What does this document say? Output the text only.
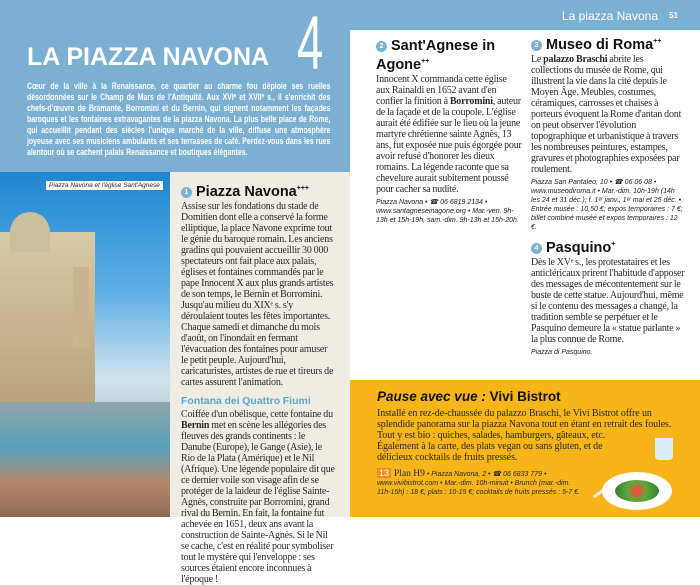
LA PIAZZA NAVONA 4

Cœur de la ville à la Renaissance, ce quartier au charme fou déploie ses ruelles désordonnées sur le Champ de Mars de l'Antiquité. Aux XVIᵉ et XVIIᵉ s., il s'enrichit des chefs-d'œuvre de Bramante, Borromini et du Bernin, qui signent notamment les façades baroques et les fontaines extravagantes de la piazza Navona. La plus belle place de Rome, qui accueillit pendant des siècles l'unique marché de la ville, diffuse une atmosphère joyeuse avec ses musiciens ambulants et ses terrasses de café. Perdez-vous dans les rues alentour où se cachent palais Renaissance et boutiques élégantes.

Piazza Navona et l'église Sant'Agnese
1 Piazza Navona+++
Assise sur les fondations du stade de Domitien dont elle a conservé la forme elliptique, la place Navone exprime tout le génie du baroque romain. Les anciens gradins qui pouvaient accueillir 30 000 spectateurs ont fait place aux palais, églises et fontaines commandés par le pape Innocent X aux plus grands artistes de son temps, le Bernin et Borromini. Jusqu'au milieu du XIXᵉ s. s'y déroulaient toutes les fêtes importantes. Chaque samedi et dimanche du mois d'août, on l'inondait en fermant l'évacuation des fontaines pour amuser le petit peuple. Aujourd'hui, caricaturistes, artistes de rue et tireurs de cartes assurent l'animation.
Fontana dei Quattro Fiumi
Coiffée d'un obélisque, cette fontaine du Bernin met en scène les allégories des fleuves des grands continents : le Danube (Europe), le Gange (Asie), le Rio de la Plata (Amérique) et le Nil (Afrique). Une légende populaire dit que ce dernier voile son visage afin de se protéger de la laideur de l'église Sainte-Agnès, construite par Borromini, grand rival du Bernin. En fait, la fontaine fut achevée en 1651, deux ans avant la construction de Sainte-Agnès. Si le Nil se cache, c'est en réalité pour symboliser tout le mystère qui l'enveloppe : ses sources étaient encore inconnues à l'époque !
La piazza Navona 51
2 Sant'Agnese in Agone++
Innocent X commanda cette église aux Rainaldi en 1652 avant d'en confier la finition à Borromini, auteur de la façade et de la coupole. L'église aurait été édifiée sur le lieu où la jeune martyre chrétienne sainte Agnès, 13 ans, fut exposée nue puis égorgée pour avoir refusé d'honorer les dieux romains. La légende raconte que sa chevelure aurait subitement poussé pour cacher sa nudité.
Piazza Navona • ☎ 06 6819 2134 • www.santagneseinagone.org • Mar.-ven. 9h-13h et 15h-19h, sam.-dim. 9h-13h et 15h-20h.
3 Museo di Roma++
Le palazzo Braschi abrite les collections du musée de Rome, qui illustrent la vie dans la cité depuis le Moyen Âge. Meubles, costumes, céramiques, carrosses et chaises à porteurs évoquent la Rome d'antan dont on peut observer l'évolution topographique et urbanistique à travers les nombreuses peintures, estampes, gravures et photographies exposées par roulement.
Piazza San Pantaleo, 10 • ☎ 06 06 08 • www.museodiroma.it • Mar.-dim. 10h-19h (14h les 24 et 31 déc.); f. 1ᵉʳ janv., 1ᵉʳ mai et 25 déc. • Entrée musée : 10,50 €; expos temporaires : 7 €; billet combiné musée et expos temporaires : 12 €.
4 Pasquino+
Dès le XVᵉ s., les protestataires et les anticléricaux prirent l'habitude d'apposer des messages de mécontentement sur le buste de cette statue. Aujourd'hui, même si le contenu des messages a changé, la tradition semble se perpétuer et le Pasquino demeure la « statue parlante » la plus connue de Rome.
Piazza di Pasquino.
Pause avec vue : Vivi Bistrot
Installé en rez-de-chaussée du palazzo Braschi, le Vivi Bistrot offre un splendide panorama sur la piazza Navona tout en étant en retrait des foules. Tout y est bio : quiches, salades, hamburgers, gâteaux, etc. Également à la carte, des plats vegan ou sans gluten, et de délicieux cocktails de fruits pressés.
13 Plan H9 • Piazza Navona, 2 • ☎ 06 6833 779 • www.vivibistrot.com • Mar.-dim. 10h-minuit • Brunch (mar.-dim. 11h-15h) : 18 €; plats : 10-15 €; cocktails de fruits pressés : 5-7 €.
